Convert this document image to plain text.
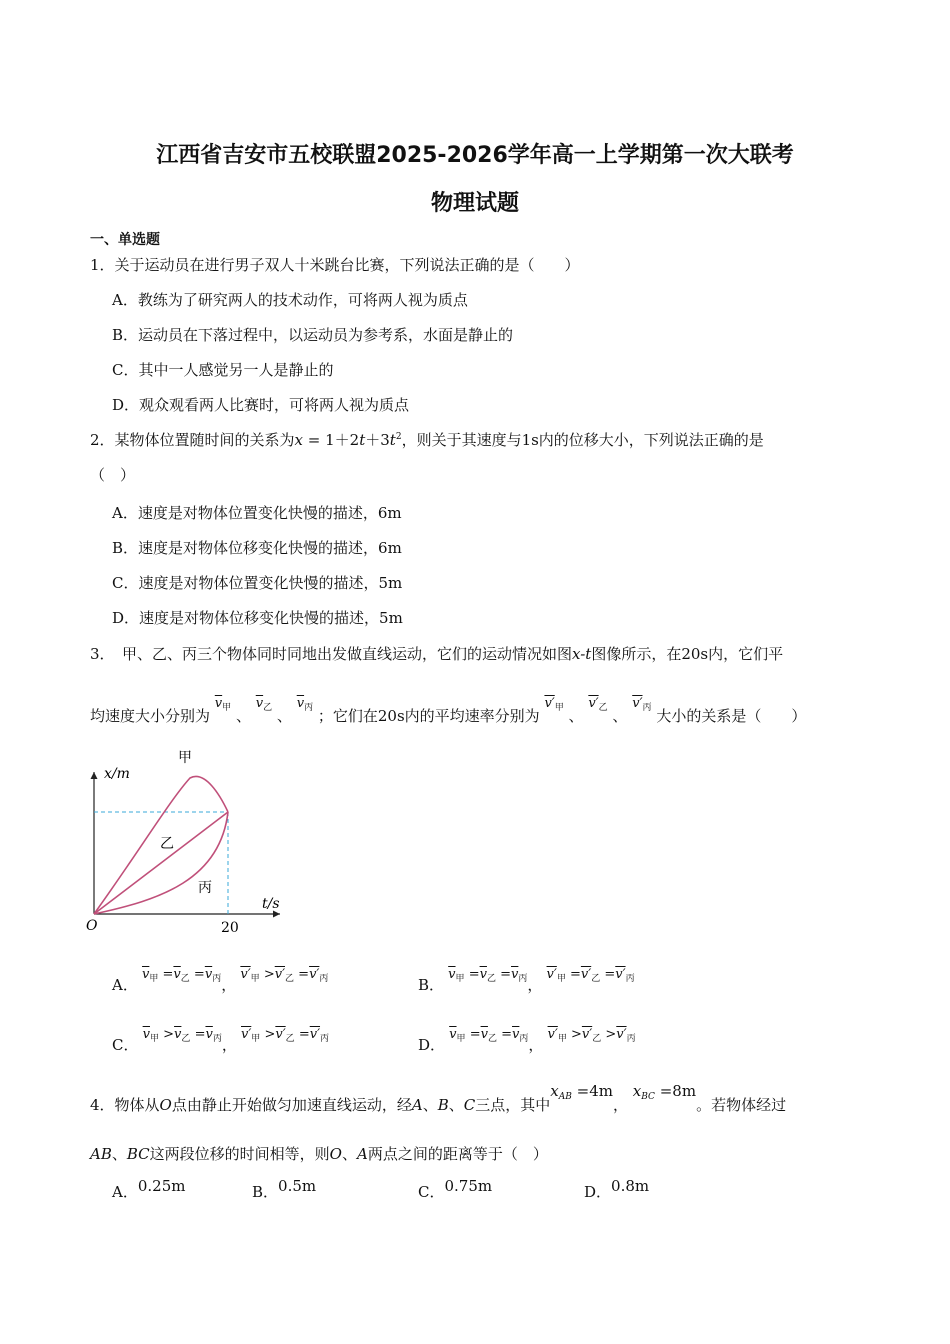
江西省吉安市五校联盟2025-2026学年高一上学期第一次大联考
物理试题
一、单选题
1．关于运动员在进行男子双人十米跳台比赛，下列说法正确的是（　　）
A．教练为了研究两人的技术动作，可将两人视为质点
B．运动员在下落过程中，以运动员为参考系，水面是静止的
C．其中一人感觉另一人是静止的
D．观众观看两人比赛时，可将两人视为质点
2．某物体位置随时间的关系为$x = 1+2t+3t^2$，则关于其速度与1s内的位移大小，下列说法正确的是
（　）
A．速度是对物体位置变化快慢的描述，6m
B．速度是对物体位移变化快慢的描述，6m
C．速度是对物体位置变化快慢的描述，5m
D．速度是对物体位移变化快慢的描述，5m
3．　甲、乙、丙三个物体同时同地出发做直线运动，它们的运动情况如图x-t图像所示，在20s内，它们平
均速度大小分别为 $\overline{v}_甲$ 、 $\overline{v}_乙$ 、 $\overline{v}_丙$ ；它们在20s内的平均速率分别为 $v'_甲$ 、 $v'_乙$ 、 $v'_丙$ 大小的关系是（　　）
x/m
t/s
O	20
甲
乙
丙
A． $\overline{v}_甲 =\overline{v}_乙 =\overline{v}_丙$， $v'_甲 >v'_乙 =v'_丙$	B． $\overline{v}_甲 =\overline{v}_乙 =\overline{v}_丙$， $v'_甲 =v'_乙 =v'_丙$
C． $\overline{v}_甲 >\overline{v}_乙 =\overline{v}_丙$， $v'_甲 >v'_乙 =v'_丙$	D． $\overline{v}_甲 =\overline{v}_乙 =\overline{v}_丙$， $v'_甲 >v'_乙 >v'_丙$
4．物体从O点由静止开始做匀加速直线运动，经A、B、C三点，其中$x_{AB} =4m$， $x_{BC} =8m$。若物体经过
AB、BC这两段位移的时间相等，则O、A两点之间的距离等于（　）
A．0.25m	B．0.5m	C．0.75m	D．0.8m
